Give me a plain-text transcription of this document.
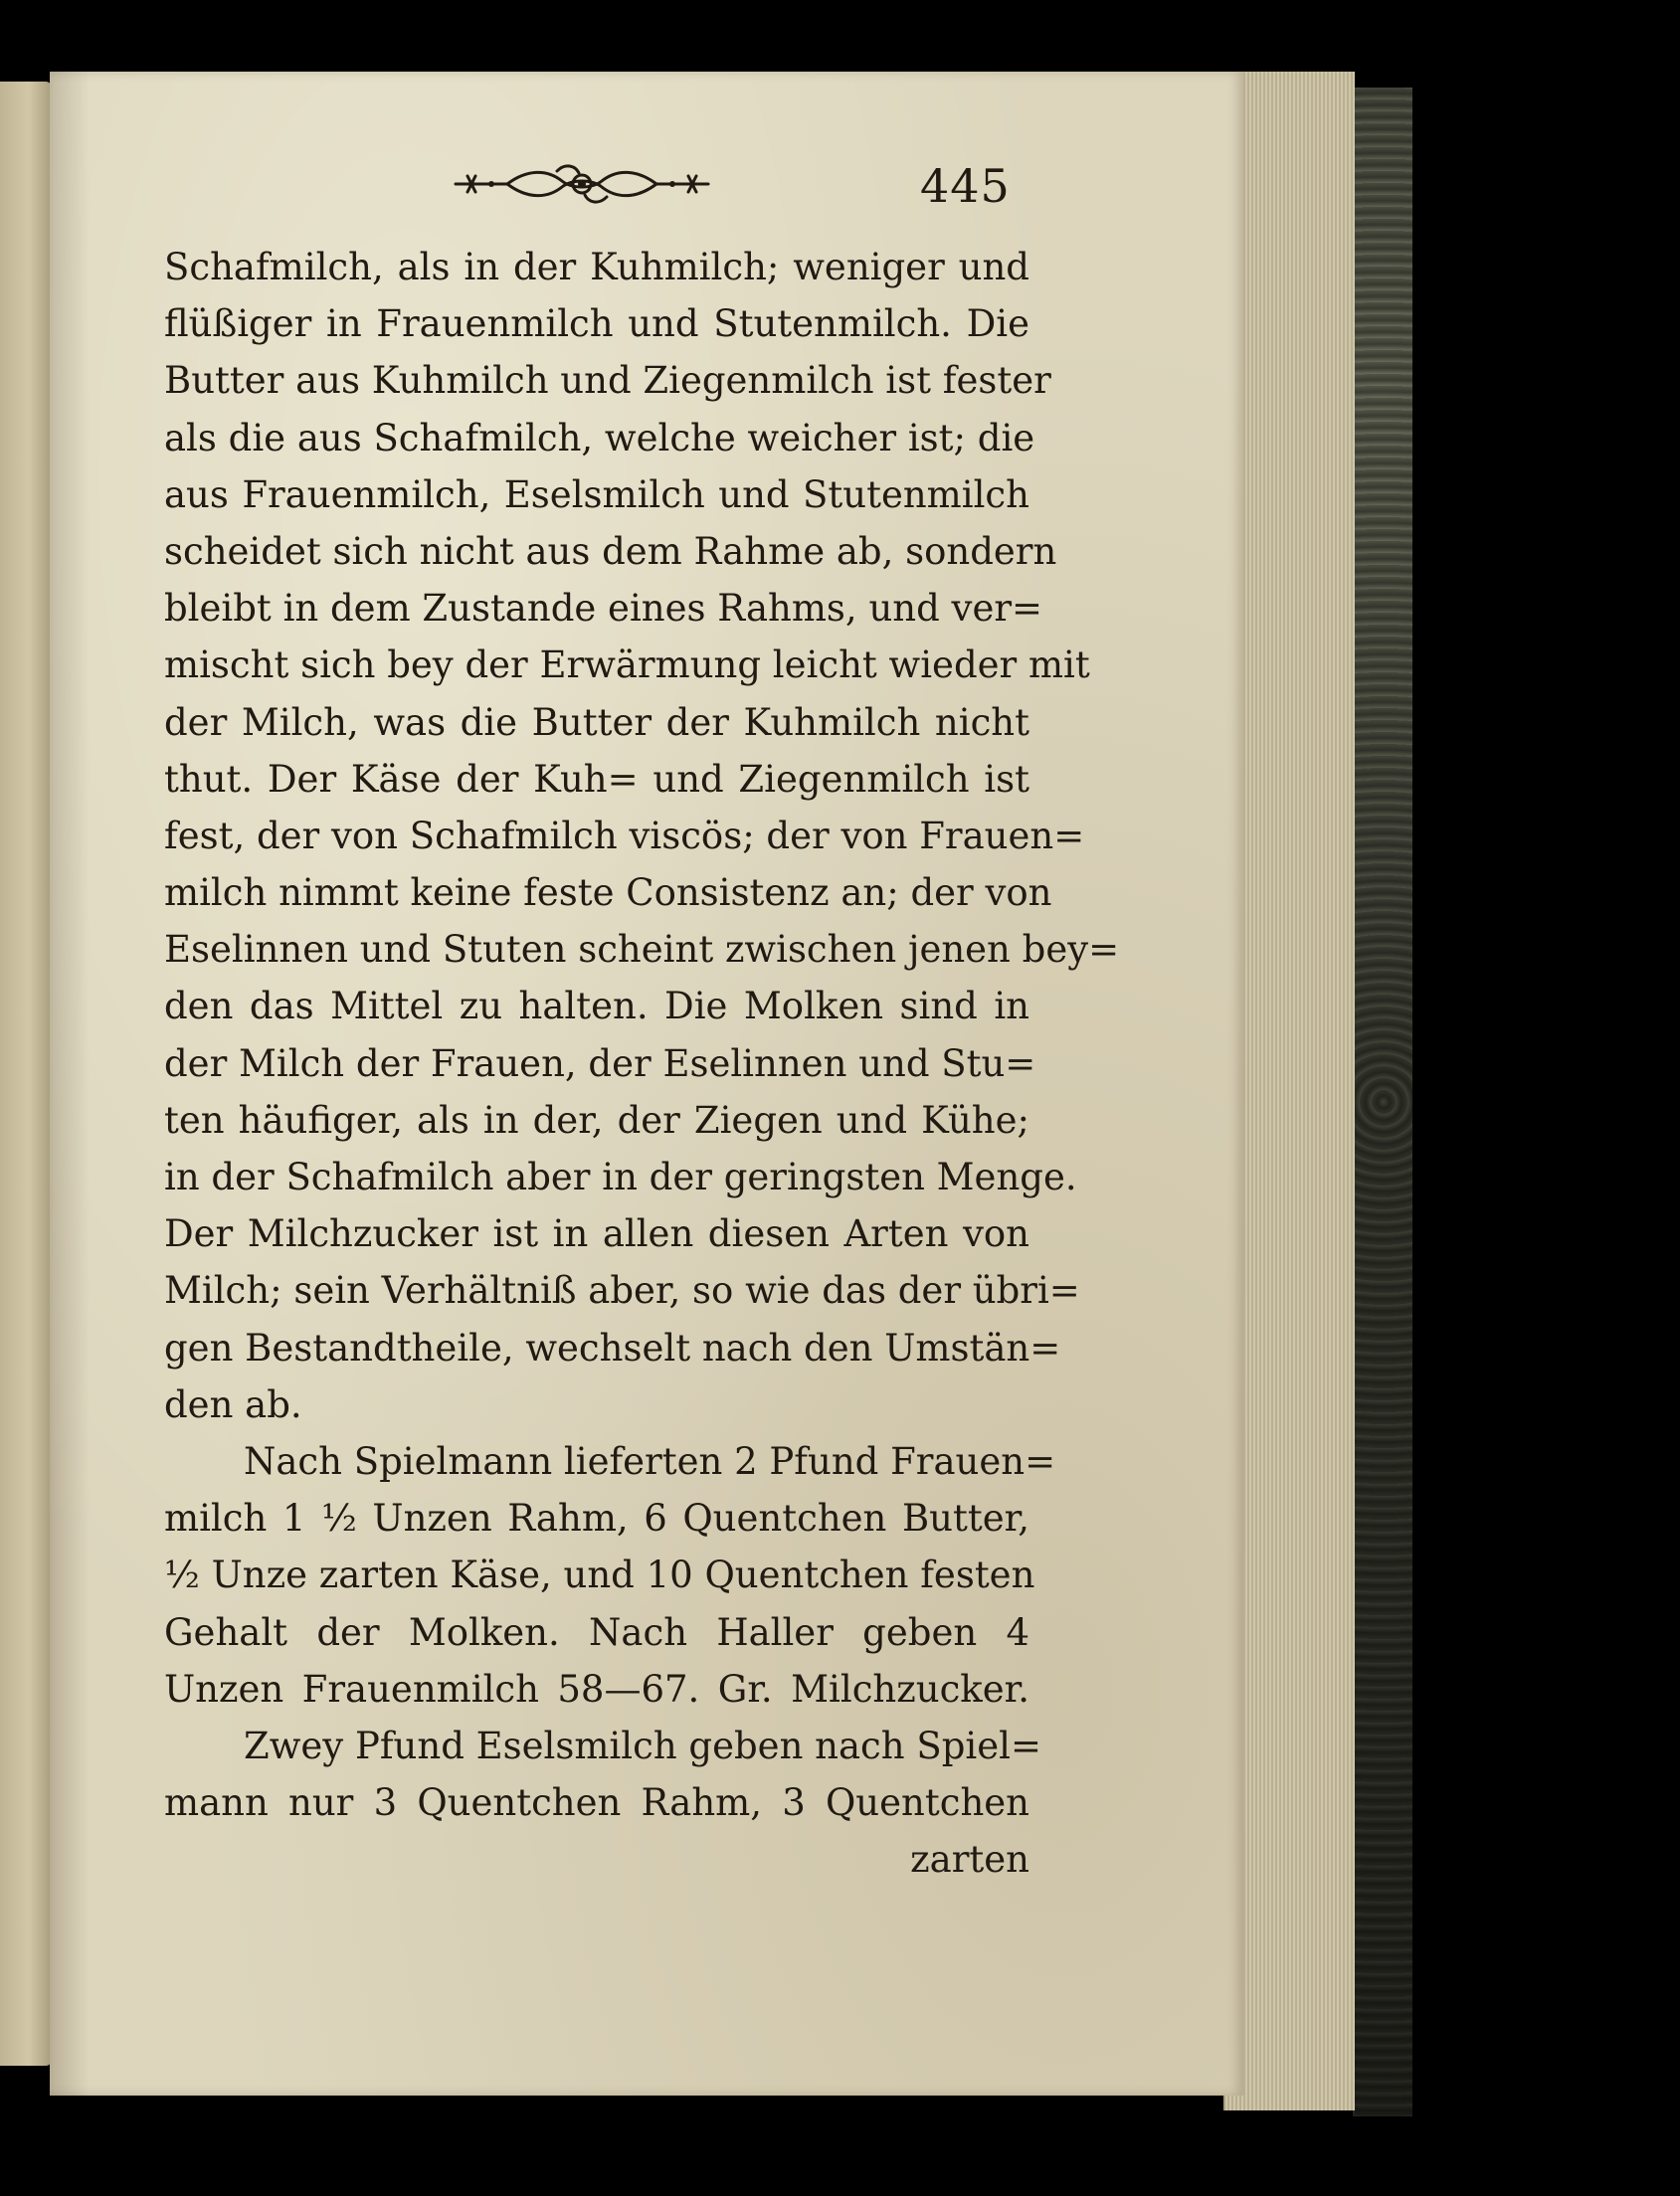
445
Schafmilch, als in der Kuhmilch; weniger und
flüßiger in Frauenmilch und Stutenmilch. Die
Butter aus Kuhmilch und Ziegenmilch ist fester
als die aus Schafmilch, welche weicher ist; die
aus Frauenmilch, Eselsmilch und Stutenmilch
scheidet sich nicht aus dem Rahme ab, sondern
bleibt in dem Zustande eines Rahms, und ver=
mischt sich bey der Erwärmung leicht wieder mit
der Milch, was die Butter der Kuhmilch nicht
thut. Der Käse der Kuh= und Ziegenmilch ist
fest, der von Schafmilch viscös; der von Frauen=
milch nimmt keine feste Consistenz an; der von
Eselinnen und Stuten scheint zwischen jenen bey=
den das Mittel zu halten. Die Molken sind in
der Milch der Frauen, der Eselinnen und Stu=
ten häufiger, als in der, der Ziegen und Kühe;
in der Schafmilch aber in der geringsten Menge.
Der Milchzucker ist in allen diesen Arten von
Milch; sein Verhältniß aber, so wie das der übri=
gen Bestandtheile, wechselt nach den Umstän=
den ab.
Nach Spielmann lieferten 2 Pfund Frauen=
milch 1 ½ Unzen Rahm, 6 Quentchen Butter,
½ Unze zarten Käse, und 10 Quentchen festen
Gehalt der Molken. Nach Haller geben 4
Unzen Frauenmilch 58—67. Gr. Milchzucker.
Zwey Pfund Eselsmilch geben nach Spiel=
mann nur 3 Quentchen Rahm, 3 Quentchen
zarten
